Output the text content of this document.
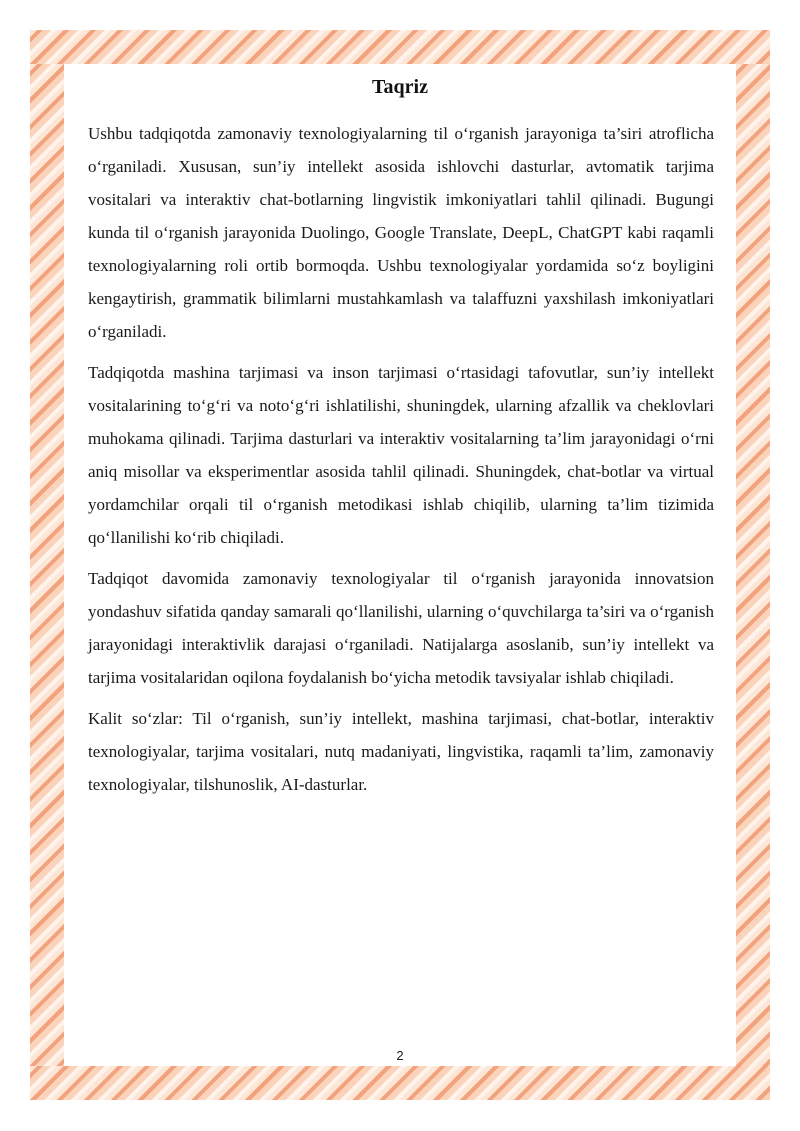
Taqriz

Ushbu tadqiqotda zamonaviy texnologiyalarning til o‘rganish jarayoniga ta’siri atroflicha o‘rganiladi. Xususan, sun’iy intellekt asosida ishlovchi dasturlar, avtomatik tarjima vositalari va interaktiv chat-botlarning lingvistik imkoniyatlari tahlil qilinadi. Bugungi kunda til o‘rganish jarayonida Duolingo, Google Translate, DeepL, ChatGPT kabi raqamli texnologiyalarning roli ortib bormoqda. Ushbu texnologiyalar yordamida so‘z boyligini kengaytirish, grammatik bilimlarni mustahkamlash va talaffuzni yaxshilash imkoniyatlari o‘rganiladi.

Tadqiqotda mashina tarjimasi va inson tarjimasi o‘rtasidagi tafovutlar, sun’iy intellekt vositalarining to‘g‘ri va noto‘g‘ri ishlatilishi, shuningdek, ularning afzallik va cheklovlari muhokama qilinadi. Tarjima dasturlari va interaktiv vositalarning ta’lim jarayonidagi o‘rni aniq misollar va eksperimentlar asosida tahlil qilinadi. Shuningdek, chat-botlar va virtual yordamchilar orqali til o‘rganish metodikasi ishlab chiqilib, ularning ta’lim tizimida qo‘llanilishi ko‘rib chiqiladi.

Tadqiqot davomida zamonaviy texnologiyalar til o‘rganish jarayonida innovatsion yondashuv sifatida qanday samarali qo‘llanilishi, ularning o‘quvchilarga ta’siri va o‘rganish jarayonidagi interaktivlik darajasi o‘rganiladi. Natijalarga asoslanib, sun’iy intellekt va tarjima vositalaridan oqilona foydalanish bo‘yicha metodik tavsiyalar ishlab chiqiladi.

Kalit so‘zlar: Til o‘rganish, sun’iy intellekt, mashina tarjimasi, chat-botlar, interaktiv texnologiyalar, tarjima vositalari, nutq madaniyati, lingvistika, raqamli ta’lim, zamonaviy texnologiyalar, tilshunoslik, AI-dasturlar.

2
